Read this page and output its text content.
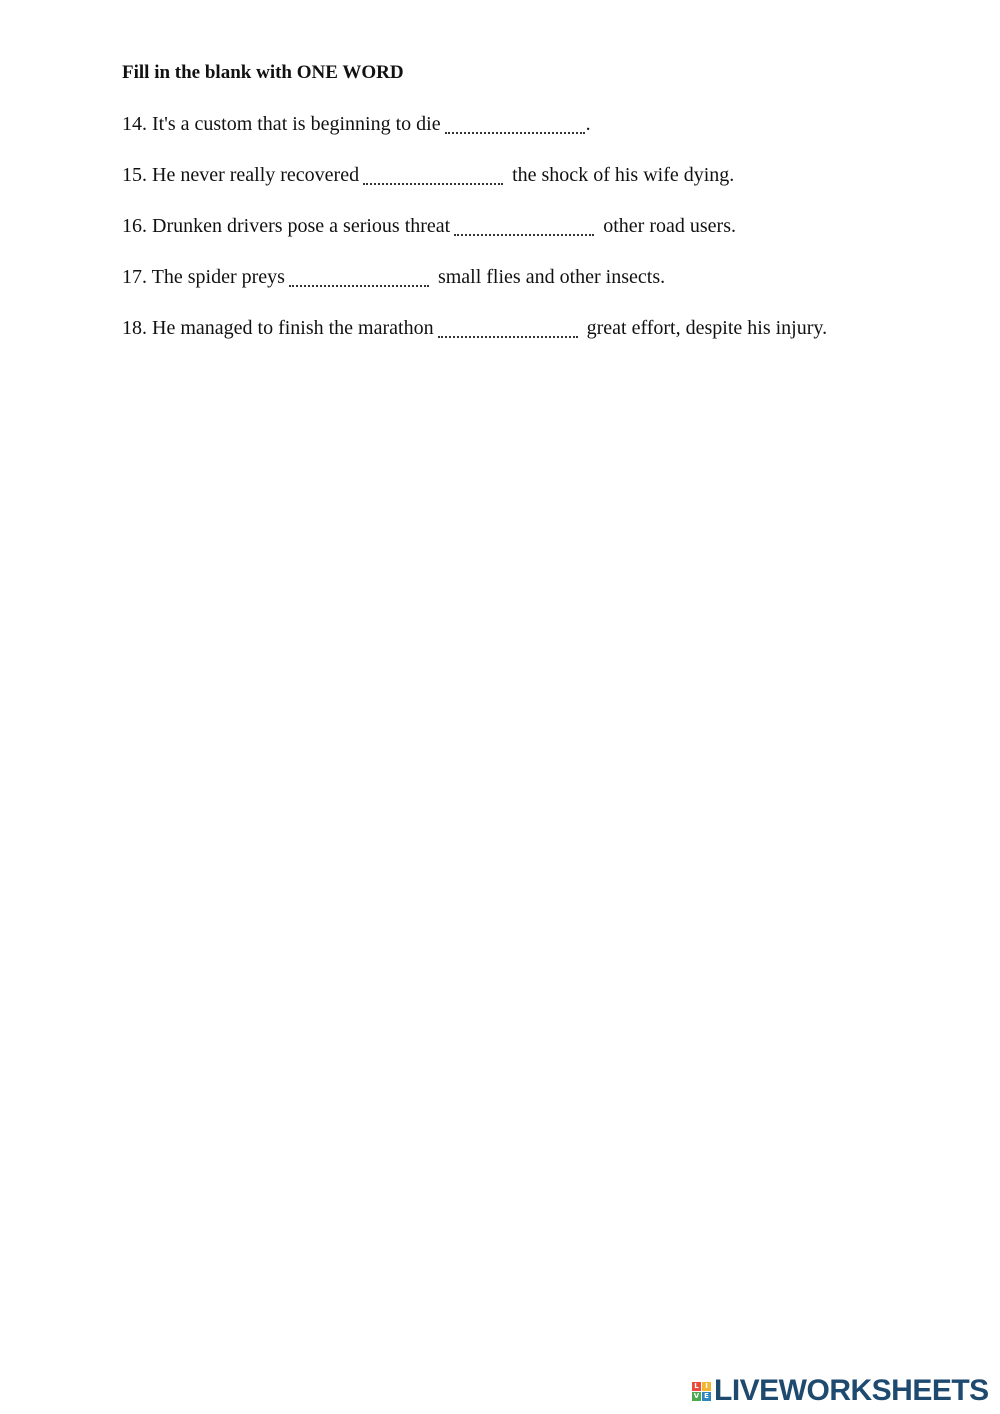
Fill in the blank with ONE WORD

14. It's a custom that is beginning to die	.
15. He never really recovered	the shock of his wife dying.
16. Drunken drivers pose a serious threat	other road users.
17. The spider preys	small flies and other insects.
18. He managed to finish the marathon	great effort, despite his injury.
L I
V E LIVEWORKSHEETS
